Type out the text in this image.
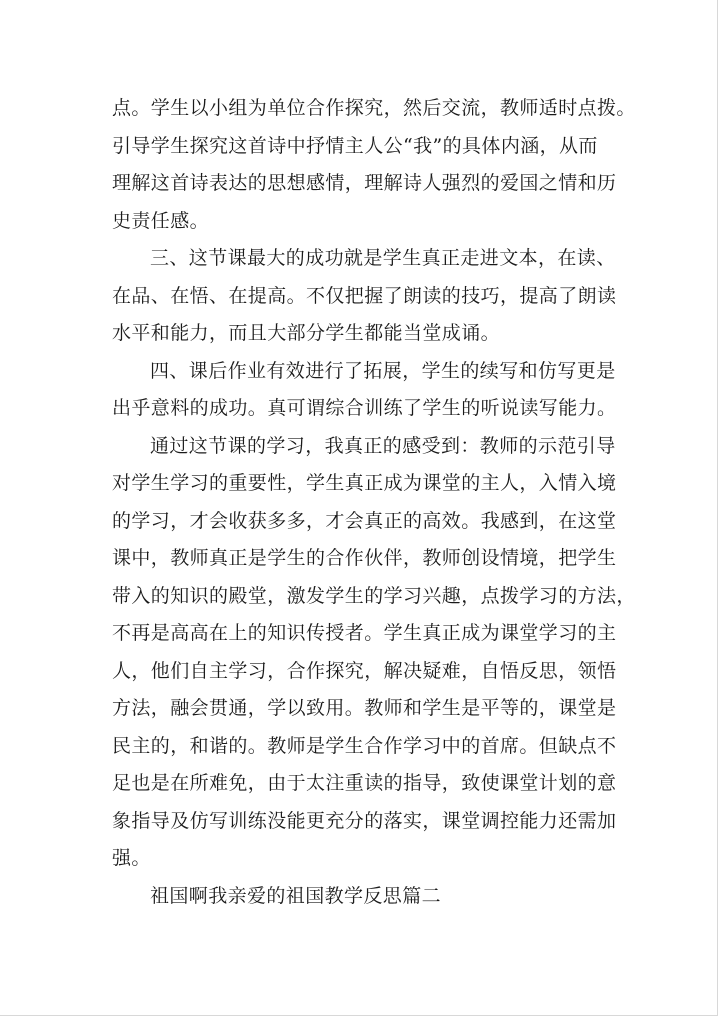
点。学生以小组为单位合作探究，然后交流，教师适时点拨。
引导学生探究这首诗中抒情主人公“我”的具体内涵，从而
理解这首诗表达的思想感情，理解诗人强烈的爱国之情和历
史责任感。
三、这节课最大的成功就是学生真正走进文本，在读、
在品、在悟、在提高。不仅把握了朗读的技巧，提高了朗读
水平和能力，而且大部分学生都能当堂成诵。
四、课后作业有效进行了拓展，学生的续写和仿写更是
出乎意料的成功。真可谓综合训练了学生的听说读写能力。
通过这节课的学习，我真正的感受到：教师的示范引导
对学生学习的重要性，学生真正成为课堂的主人，入情入境
的学习，才会收获多多，才会真正的高效。我感到，在这堂
课中，教师真正是学生的合作伙伴，教师创设情境，把学生
带入的知识的殿堂，激发学生的学习兴趣，点拨学习的方法，
不再是高高在上的知识传授者。学生真正成为课堂学习的主
人，他们自主学习，合作探究，解决疑难，自悟反思，领悟
方法，融会贯通，学以致用。教师和学生是平等的，课堂是
民主的，和谐的。教师是学生合作学习中的首席。但缺点不
足也是在所难免，由于太注重读的指导，致使课堂计划的意
象指导及仿写训练没能更充分的落实，课堂调控能力还需加
强。
祖国啊我亲爱的祖国教学反思篇二
